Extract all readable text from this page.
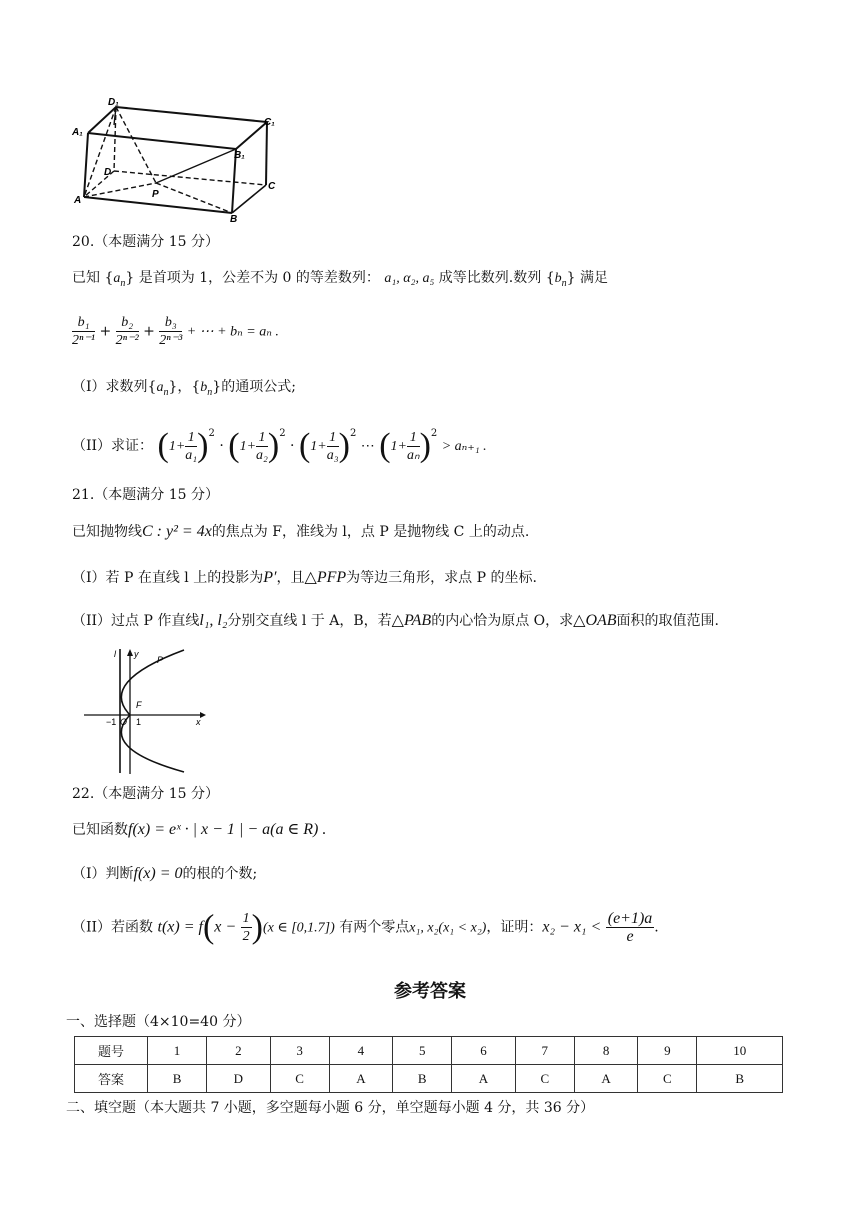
D₁
A₁
C₁
B₁
D
C
A
B
P
20.（本题满分 15 分）
已知 $\{a_n\}$ 是首项为 1，公差不为 0 的等差数列： a₁, α₂, a₅ 成等比数列.数列 $\{b_n\}$ 满足
$\frac{\text{b₁}}{\text{2ⁿ⁻¹}} + \frac{\text{b₂}}{\text{2ⁿ⁻²}} + \frac{\text{b₃}}{\text{2ⁿ⁻³}}$ + ⋯ + bₙ = aₙ .
（I）求数列$\{a_n\}$，$\{b_n\}$的通项公式;
（II）求证： $(1+ \frac{1}{\text{a₁}} )^2 \cdot (1+ \frac{1}{\text{a₂}} )^2 \cdot (1+ \frac{1}{\text{a₃}} )^2$ ⋯ $(1+ \frac{1}{\text{aₙ}} )^2 > a_{n+1}$ .
21.（本题满分 15 分）
已知抛物线C : y² = 4x的焦点为 F，准线为 l，点 P 是抛物线 C 上的动点.
（I）若 P 在直线 l 上的投影为P′，且△PFP为等边三角形，求点 P 的坐标.
（II）过点 P 作直线l₁, l₂分别交直线 l 于 A，B，若△PAB的内心恰为原点 O，求△OAB面积的取值范围.
l y
P
F
O
−1 1	x
22.（本题满分 15 分）
已知函数f(x) = eˣ · | x − 1 | − a(a ∈ R) .
（I）判断f(x) = 0的根的个数;
（II）若函数 $t(x) = f(x - \frac{1}{2} )(x$ ∈ [0,1.7]) 有两个零点x₁, x₂(x₁ < x₂)，证明：$x_2 - x_1 < \frac{(e+1)a}{e}$ .
参考答案
一、选择题（4×10=40 分）
题号	1	2	3	4	5	6	7	8	9	10
答案	B	D	C	A	B	A	C	A	C	B
二、填空题（本大题共 7 小题，多空题每小题 6 分，单空题每小题 4 分，共 36 分）
